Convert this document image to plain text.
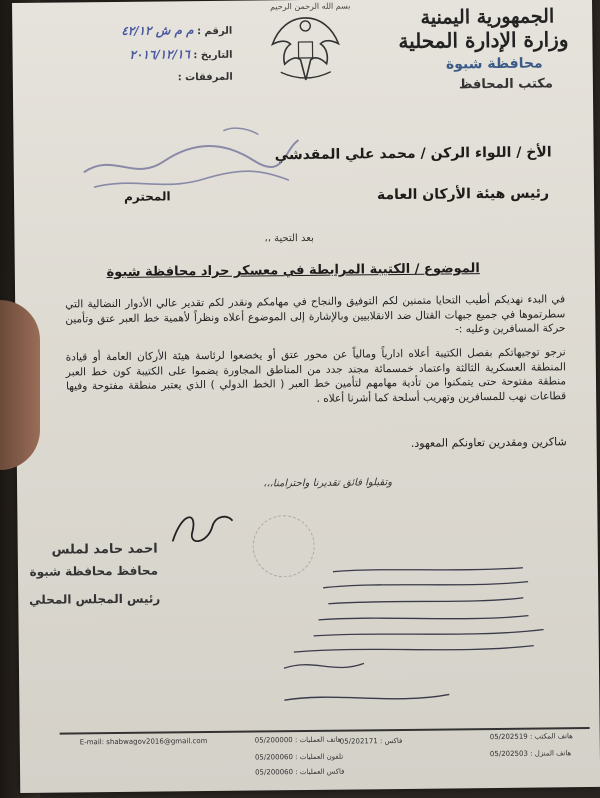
الجمهورية اليمنية
وزارة الإدارة المحلية
محافظة شبوة
مكتب المحافظ
بسم الله الرحمن الرحيم
الرقم : م م ش ٤٢/١٢
التاريخ : ٢٠١٦/١٢/١٦
المرفقات :
الأخ / اللواء الركن / محمد علي المقدشي
رئيس هيئة الأركان العامة
المحترم
بعد التحية ،،
الموضوع / الكتيبة المرابطة في معسكر حراد محافظة شبوة
في البدء نهديكم أطيب التحايا متمنين لكم التوفيق والنجاح في مهامكم ونقدر لكم تقدير عالي الأدوار النضالية التي سطرتموها في جميع جبهات القتال ضد الانقلابيين وبالإشارة إلى الموضوع أعلاه ونظراً لأهمية خط العبر عتق وتأمين حركة المسافرين وعليه :-
نرجو توجيهاتكم بفصل الكتيبة أعلاه ادارياً ومالياً عن محور عتق أو يخضعوا لرئاسة هيئة الأركان العامة أو قيادة المنطقة العسكرية الثالثة واعتماد خمسمائة مجند جدد من المناطق المجاورة يضموا على الكتيبة كون خط العبر منطقة مفتوحة حتى يتمكنوا من تأدية مهامهم لتأمين خط العبر ( الخط الدولي ) الذي يعتبر منطقة مفتوحة وفيها قطاعات نهب للمسافرين وتهريب أسلحة كما أشرنا أعلاه .
شاكرين ومقدرين تعاونكم المعهود.
وتقبلوا فائق تقديرنا واحترامنا،،،
احمد حامد لملس
محافظ محافظة شبوة
رئيس المجلس المحلي
E-mail: shabwagov2016@gmail.com	هاتف العمليات : 05/200000
فاكس : 05/202171
هاتف المكتب : 05/202519
تلفون العمليات : 05/200060	هاتف المنزل : 05/202503
فاكس العمليات : 05/200060
